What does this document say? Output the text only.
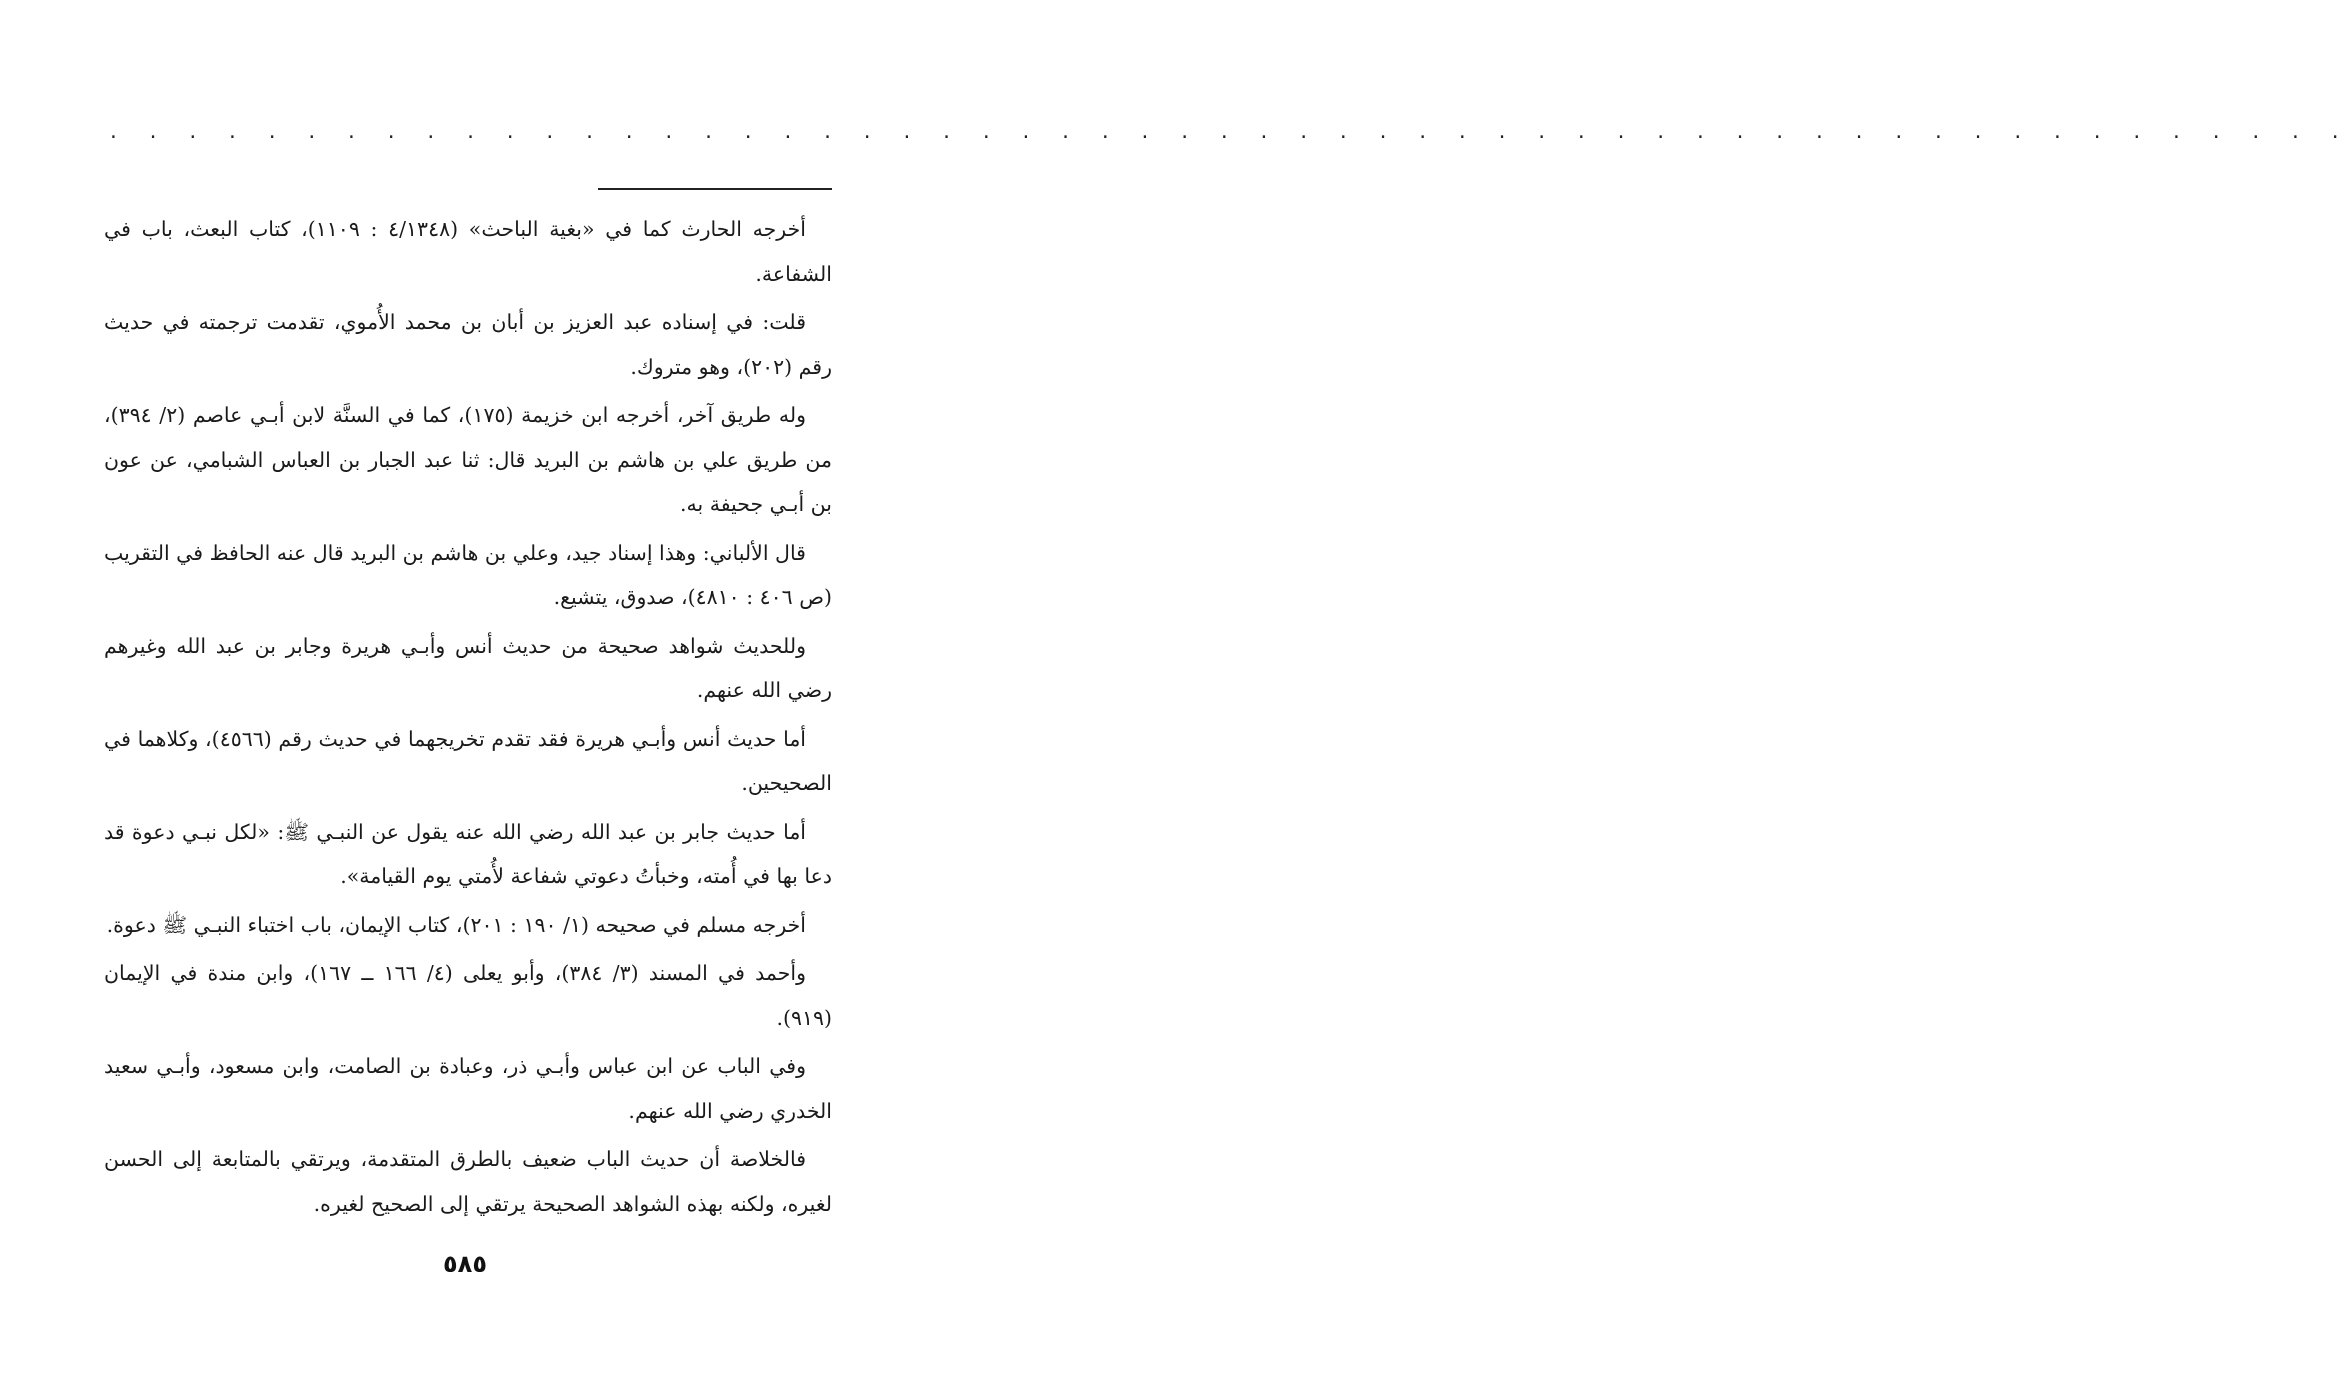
. . . . . . . . . . . . . . . . . . . . . . . . . . . . . . . . . . . . . . . . . . . . . . . . . . . . . . . . .

أخرجه الحارث كما في «بغية الباحث» (٤/١٣٤٨ : ١١٠٩)، كتاب البعث، باب في الشفاعة.

قلت: في إسناده عبد العزيز بن أبان بن محمد الأُموي، تقدمت ترجمته في حديث رقم (٢٠٢)، وهو متروك.

وله طريق آخر، أخرجه ابن خزيمة (١٧٥)، كما في السنَّة لابن أبـي عاصم (٢/ ٣٩٤)، من طريق علي بن هاشم بن البريد قال: ثنا عبد الجبار بن العباس الشبامي، عن عون بن أبـي جحيفة به.

قال الألباني: وهذا إسناد جيد، وعلي بن هاشم بن البريد قال عنه الحافظ في التقريب (ص ٤٠٦ : ٤٨١٠)، صدوق، يتشيع.

وللحديث شواهد صحيحة من حديث أنس وأبـي هريرة وجابر بن عبد الله وغيرهم رضي الله عنهم.

أما حديث أنس وأبـي هريرة فقد تقدم تخريجهما في حديث رقم (٤٥٦٦)، وكلاهما في الصحيحين.

أما حديث جابر بن عبد الله رضي الله عنه يقول عن النبـي ﷺ: «لكل نبـي دعوة قد دعا بها في أُمته، وخبأتُ دعوتي شفاعة لأُمتي يوم القيامة».

أخرجه مسلم في صحيحه (١/ ١٩٠ : ٢٠١)، كتاب الإيمان، باب اختباء النبـي ﷺ دعوة.

وأحمد في المسند (٣/ ٣٨٤)، وأبو يعلى (٤/ ١٦٦ ــ ١٦٧)، وابن مندة في الإيمان (٩١٩).

وفي الباب عن ابن عباس وأبـي ذر، وعبادة بن الصامت، وابن مسعود، وأبـي سعيد الخدري رضي الله عنهم.

فالخلاصة أن حديث الباب ضعيف بالطرق المتقدمة، ويرتقي بالمتابعة إلى الحسن لغيره، ولكنه بهذه الشواهد الصحيحة يرتقي إلى الصحيح لغيره.

٥٨٥
